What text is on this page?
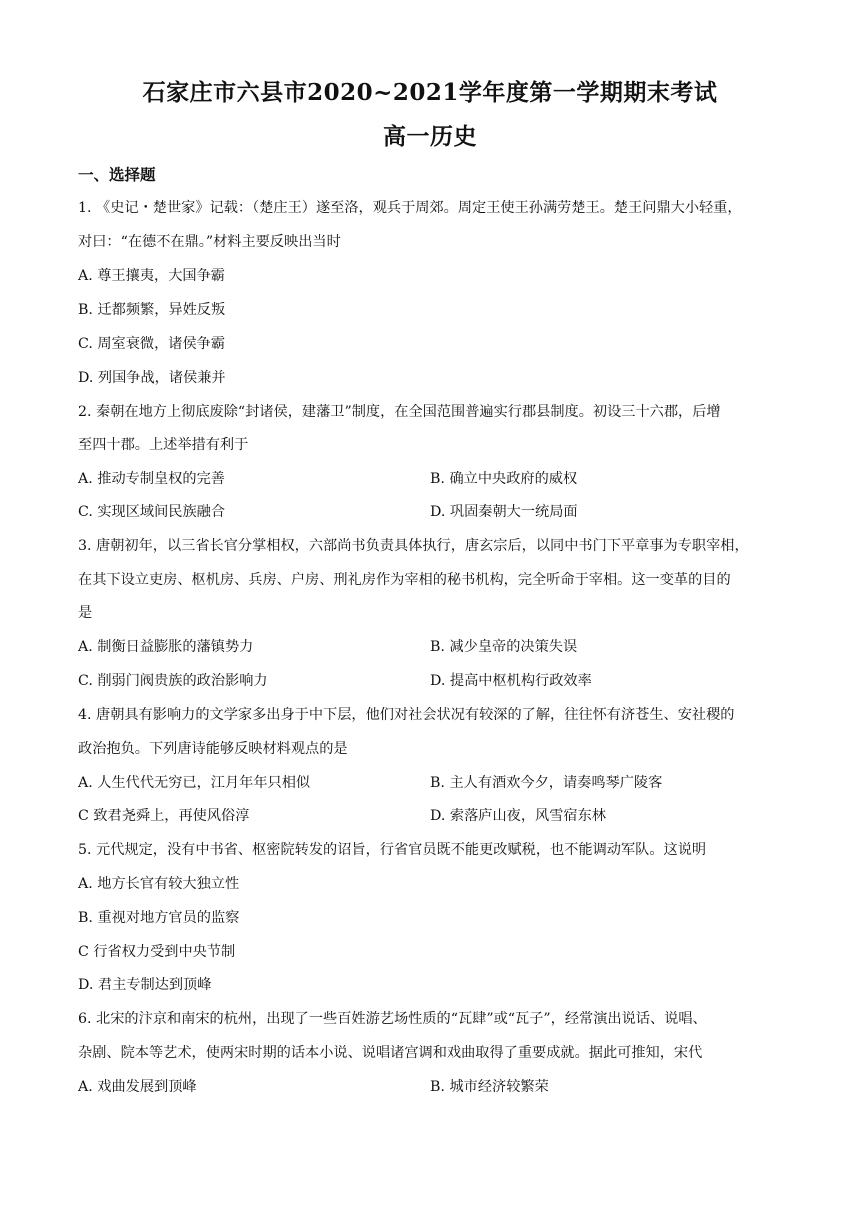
石家庄市六县市2020~2021学年度第一学期期末考试
高一历史
一、选择题
1. 《史记・楚世家》记载：（楚庄王）遂至洛，观兵于周郊。周定王使王孙满劳楚王。楚王问鼎大小轻重，
对曰：“在德不在鼎。”材料主要反映出当时
A. 尊王攘夷，大国争霸
B. 迁都频繁，异姓反叛
C. 周室衰微，诸侯争霸
D. 列国争战，诸侯兼并
2. 秦朝在地方上彻底废除“封诸侯，建藩卫”制度，在全国范围普遍实行郡县制度。初设三十六郡，后增
至四十郡。上述举措有利于
A. 推动专制皇权的完善	B. 确立中央政府的威权
C. 实现区域间民族融合	D. 巩固秦朝大一统局面
3. 唐朝初年，以三省长官分掌相权，六部尚书负责具体执行，唐玄宗后，以同中书门下平章事为专职宰相，
在其下设立吏房、枢机房、兵房、户房、刑礼房作为宰相的秘书机构，完全听命于宰相。这一变革的目的
是
A. 制衡日益膨胀的藩镇势力	B. 减少皇帝的决策失误
C. 削弱门阀贵族的政治影响力	D. 提高中枢机构行政效率
4. 唐朝具有影响力的文学家多出身于中下层，他们对社会状况有较深的了解，往往怀有济苍生、安社稷的
政治抱负。下列唐诗能够反映材料观点的是
A. 人生代代无穷已，江月年年只相似	B. 主人有酒欢今夕，请奏鸣琴广陵客
C 致君尧舜上，再使风俗淳	D. 索落庐山夜，风雪宿东林
5. 元代规定，没有中书省、枢密院转发的诏旨，行省官员既不能更改赋税，也不能调动军队。这说明
A. 地方长官有较大独立性
B. 重视对地方官员的监察
C 行省权力受到中央节制
D. 君主专制达到顶峰
6. 北宋的汴京和南宋的杭州，出现了一些百姓游艺场性质的“瓦肆”或“瓦子”，经常演出说话、说唱、
杂剧、院本等艺术，使两宋时期的话本小说、说唱诸宫调和戏曲取得了重要成就。据此可推知，宋代
A. 戏曲发展到顶峰	B. 城市经济较繁荣
